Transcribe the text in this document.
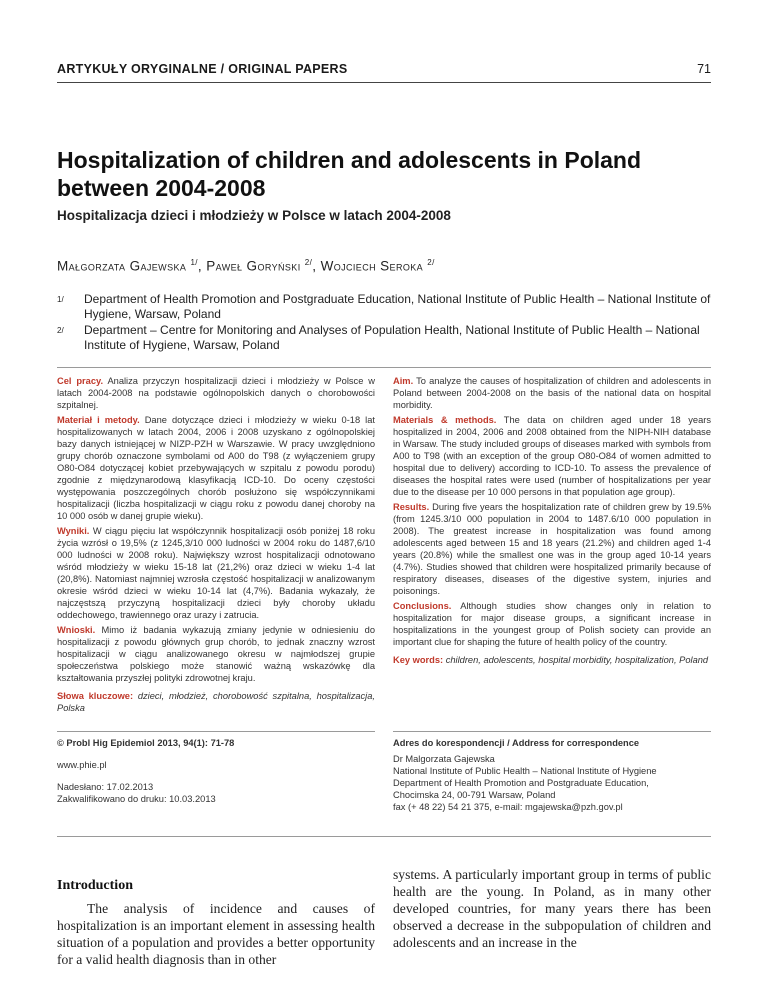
ARTYKUŁY ORYGINALNE / ORIGINAL PAPERS	71
Hospitalization of children and adolescents in Poland between 2004-2008
Hospitalizacja dzieci i młodzieży w Polsce w latach 2004-2008
Małgorzata Gajewska $^{1/}$, Paweł Goryński $^{2/}$, Wojciech Seroka $^{2/}$
1/ Department of Health Promotion and Postgraduate Education, National Institute of Public Health – National Institute of Hygiene, Warsaw, Poland
2/ Department – Centre for Monitoring and Analyses of Population Health, National Institute of Public Health – National Institute of Hygiene, Warsaw, Poland

Cel pracy. Analiza przyczyn hospitalizacji dzieci i młodzieży w Polsce w latach 2004-2008 na podstawie ogólnopolskich danych o chorobowości szpitalnej.

Materiał i metody. Dane dotyczące dzieci i młodzieży w wieku 0-18 lat hospitalizowanych w latach 2004, 2006 i 2008 uzyskano z ogólnopolskiej bazy danych istniejącej w NIZP-PZH w Warszawie. W pracy uwzględniono grupy chorób oznaczone symbolami od A00 do T98 (z wyłączeniem grupy O80-O84 dotyczącej kobiet przebywających w szpitalu z powodu porodu) zgodnie z międzynarodową klasyfikacją ICD-10. Do oceny częstości występowania poszczególnych chorób posłużono się współczynnikami hospitalizacji (liczba hospitalizacji w ciągu roku z powodu danej choroby na 10 000 osób w danej grupie wieku).

Wyniki. W ciągu pięciu lat współczynnik hospitalizacji osób poniżej 18 roku życia wzrósł o 19,5% (z 1245,3/10 000 ludności w 2004 roku do 1487,6/10 000 ludności w 2008 roku). Największy wzrost hospitalizacji odnotowano wśród młodzieży w wieku 15-18 lat (21,2%) oraz dzieci w wieku 1-4 lat (20,8%). Natomiast najmniej wzrosła częstość hospitalizacji w analizowanym okresie wśród dzieci w wieku 10-14 lat (4,7%). Badania wykazały, że najczęstszą przyczyną hospitalizacji dzieci były choroby układu oddechowego, trawiennego oraz urazy i zatrucia.

Wnioski. Mimo iż badania wykazują zmiany jedynie w odniesieniu do hospitalizacji z powodu głównych grup chorób, to jednak znaczny wzrost hospitalizacji w ciągu analizowanego okresu w najmłodszej grupie społeczeństwa polskiego może stanowić ważną wskazówkę dla kształtowania przyszłej polityki zdrowotnej kraju.

Słowa kluczowe: dzieci, młodzież, chorobowość szpitalna, hospitalizacja, Polska

Aim. To analyze the causes of hospitalization of children and adolescents in Poland between 2004-2008 on the basis of the national data on hospital morbidity.

Materials & methods. The data on children aged under 18 years hospitalized in 2004, 2006 and 2008 obtained from the NIPH-NIH database in Warsaw. The study included groups of diseases marked with symbols from A00 to T98 (with an exception of the group O80-O84 of women admitted to hospital due to delivery) according to ICD-10. To assess the prevalence of diseases the hospital rates were used (number of hospitalizations per year due to the disease per 10 000 persons in that population age group).

Results. During five years the hospitalization rate of children grew by 19.5% (from 1245.3/10 000 population in 2004 to 1487.6/10 000 population in 2008). The greatest increase in hospitalization was found among adolescents aged between 15 and 18 years (21.2%) and children aged 1-4 years (20.8%) while the smallest one was in the group aged 10-14 years (4.7%). Studies showed that children were hospitalized primarily because of respiratory diseases, diseases of the digestive system, injuries and poisonings.

Conclusions. Although studies show changes only in relation to hospitalization for major disease groups, a significant increase in hospitalizations in the youngest group of Polish society can provide an important clue for shaping the future of health policy of the country.

Key words: children, adolescents, hospital morbidity, hospitalization, Poland

© Probl Hig Epidemiol 2013, 94(1): 71-78
www.phie.pl
Nadesłano: 17.02.2013
Zakwalifikowano do druku: 10.03.2013
Adres do korespondencji / Address for correspondence
Dr Malgorzata Gajewska
National Institute of Public Health – National Institute of Hygiene
Department of Health Promotion and Postgraduate Education,
Chocimska 24, 00-791 Warsaw, Poland
fax (+ 48 22) 54 21 375, e-mail: mgajewska@pzh.gov.pl
Introduction

The analysis of incidence and causes of hospitalization is an important element in assessing health situation of a population and provides a better opportunity for a valid health diagnosis than in other

systems. A particularly important group in terms of public health are the young. In Poland, as in many other developed countries, for many years there has been observed a decrease in the subpopulation of children and adolescents and an increase in the
